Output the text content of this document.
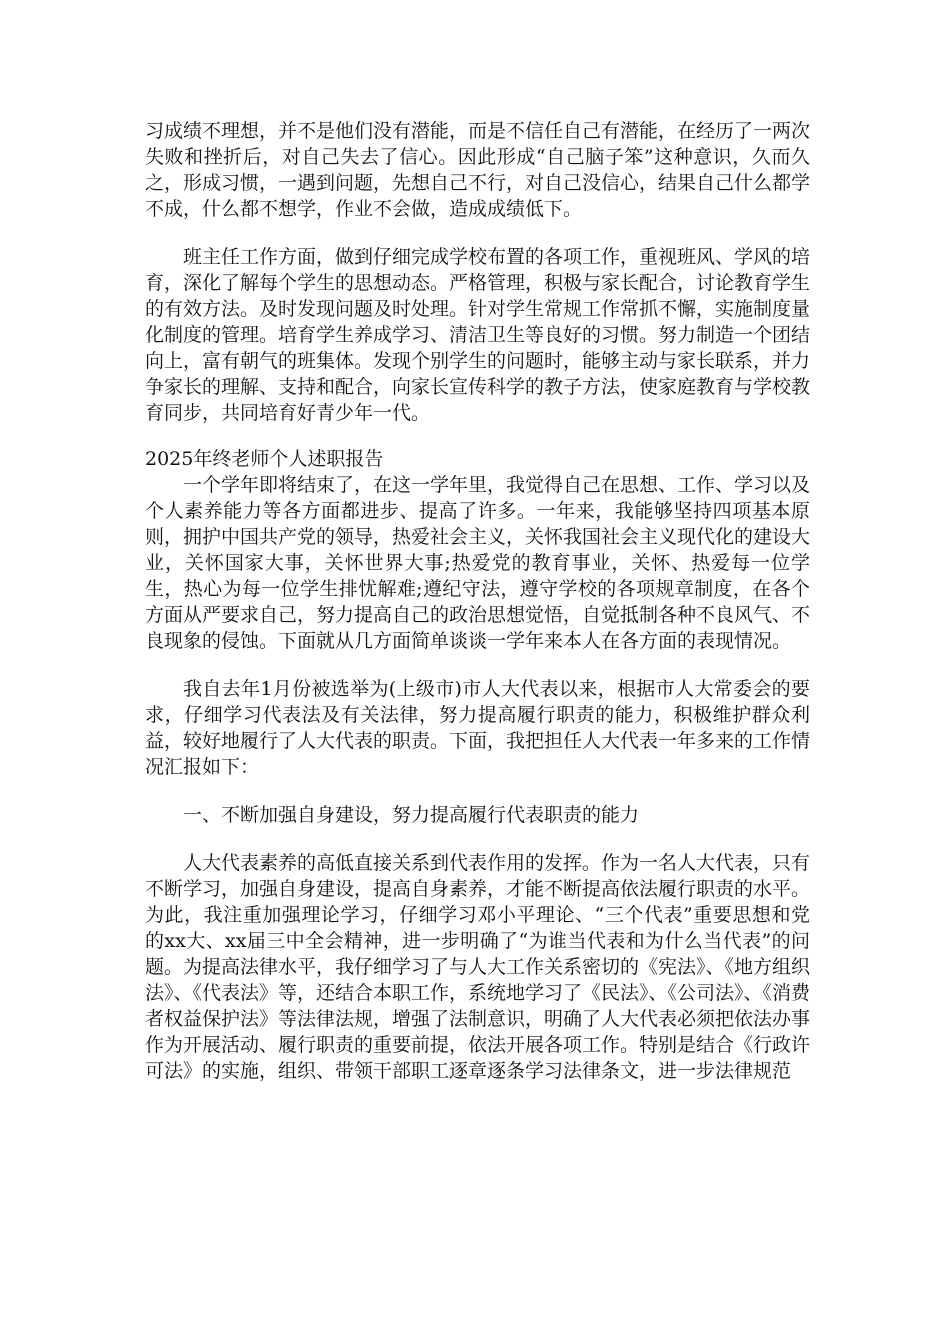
习成绩不理想，并不是他们没有潜能，而是不信任自己有潜能，在经历了一两次失败和挫折后，对自己失去了信心。因此形成“自己脑子笨”这种意识，久而久之，形成习惯，一遇到问题，先想自己不行，对自己没信心，结果自己什么都学不成，什么都不想学，作业不会做，造成成绩低下。

班主任工作方面，做到仔细完成学校布置的各项工作，重视班风、学风的培育，深化了解每个学生的思想动态。严格管理，积极与家长配合，讨论教育学生的有效方法。及时发现问题及时处理。针对学生常规工作常抓不懈，实施制度量化制度的管理。培育学生养成学习、清洁卫生等良好的习惯。努力制造一个团结向上，富有朝气的班集体。发现个别学生的问题时，能够主动与家长联系，并力争家长的理解、支持和配合，向家长宣传科学的教子方法，使家庭教育与学校教育同步，共同培育好青少年一代。

2025年终老师个人述职报告

一个学年即将结束了，在这一学年里，我觉得自己在思想、工作、学习以及个人素养能力等各方面都进步、提高了许多。一年来，我能够坚持四项基本原则，拥护中国共产党的领导，热爱社会主义，关怀我国社会主义现代化的建设大业，关怀国家大事，关怀世界大事;热爱党的教育事业，关怀、热爱每一位学生，热心为每一位学生排忧解难;遵纪守法，遵守学校的各项规章制度，在各个方面从严要求自己，努力提高自己的政治思想觉悟，自觉抵制各种不良风气、不良现象的侵蚀。下面就从几方面简单谈谈一学年来本人在各方面的表现情况。

我自去年1月份被选举为(上级市)市人大代表以来，根据市人大常委会的要求，仔细学习代表法及有关法律，努力提高履行职责的能力，积极维护群众利益，较好地履行了人大代表的职责。下面，我把担任人大代表一年多来的工作情况汇报如下：

一、不断加强自身建设，努力提高履行代表职责的能力

人大代表素养的高低直接关系到代表作用的发挥。作为一名人大代表，只有不断学习，加强自身建设，提高自身素养，才能不断提高依法履行职责的水平。为此，我注重加强理论学习，仔细学习邓小平理论、“三个代表”重要思想和党的xx大、xx届三中全会精神，进一步明确了“为谁当代表和为什么当代表”的问题。为提高法律水平，我仔细学习了与人大工作关系密切的《宪法》、《地方组织法》、《代表法》等，还结合本职工作，系统地学习了《民法》、《公司法》、《消费者权益保护法》等法律法规，增强了法制意识，明确了人大代表必须把依法办事作为开展活动、履行职责的重要前提，依法开展各项工作。特别是结合《行政许可法》的实施，组织、带领干部职工逐章逐条学习法律条文，进一步法律规范
